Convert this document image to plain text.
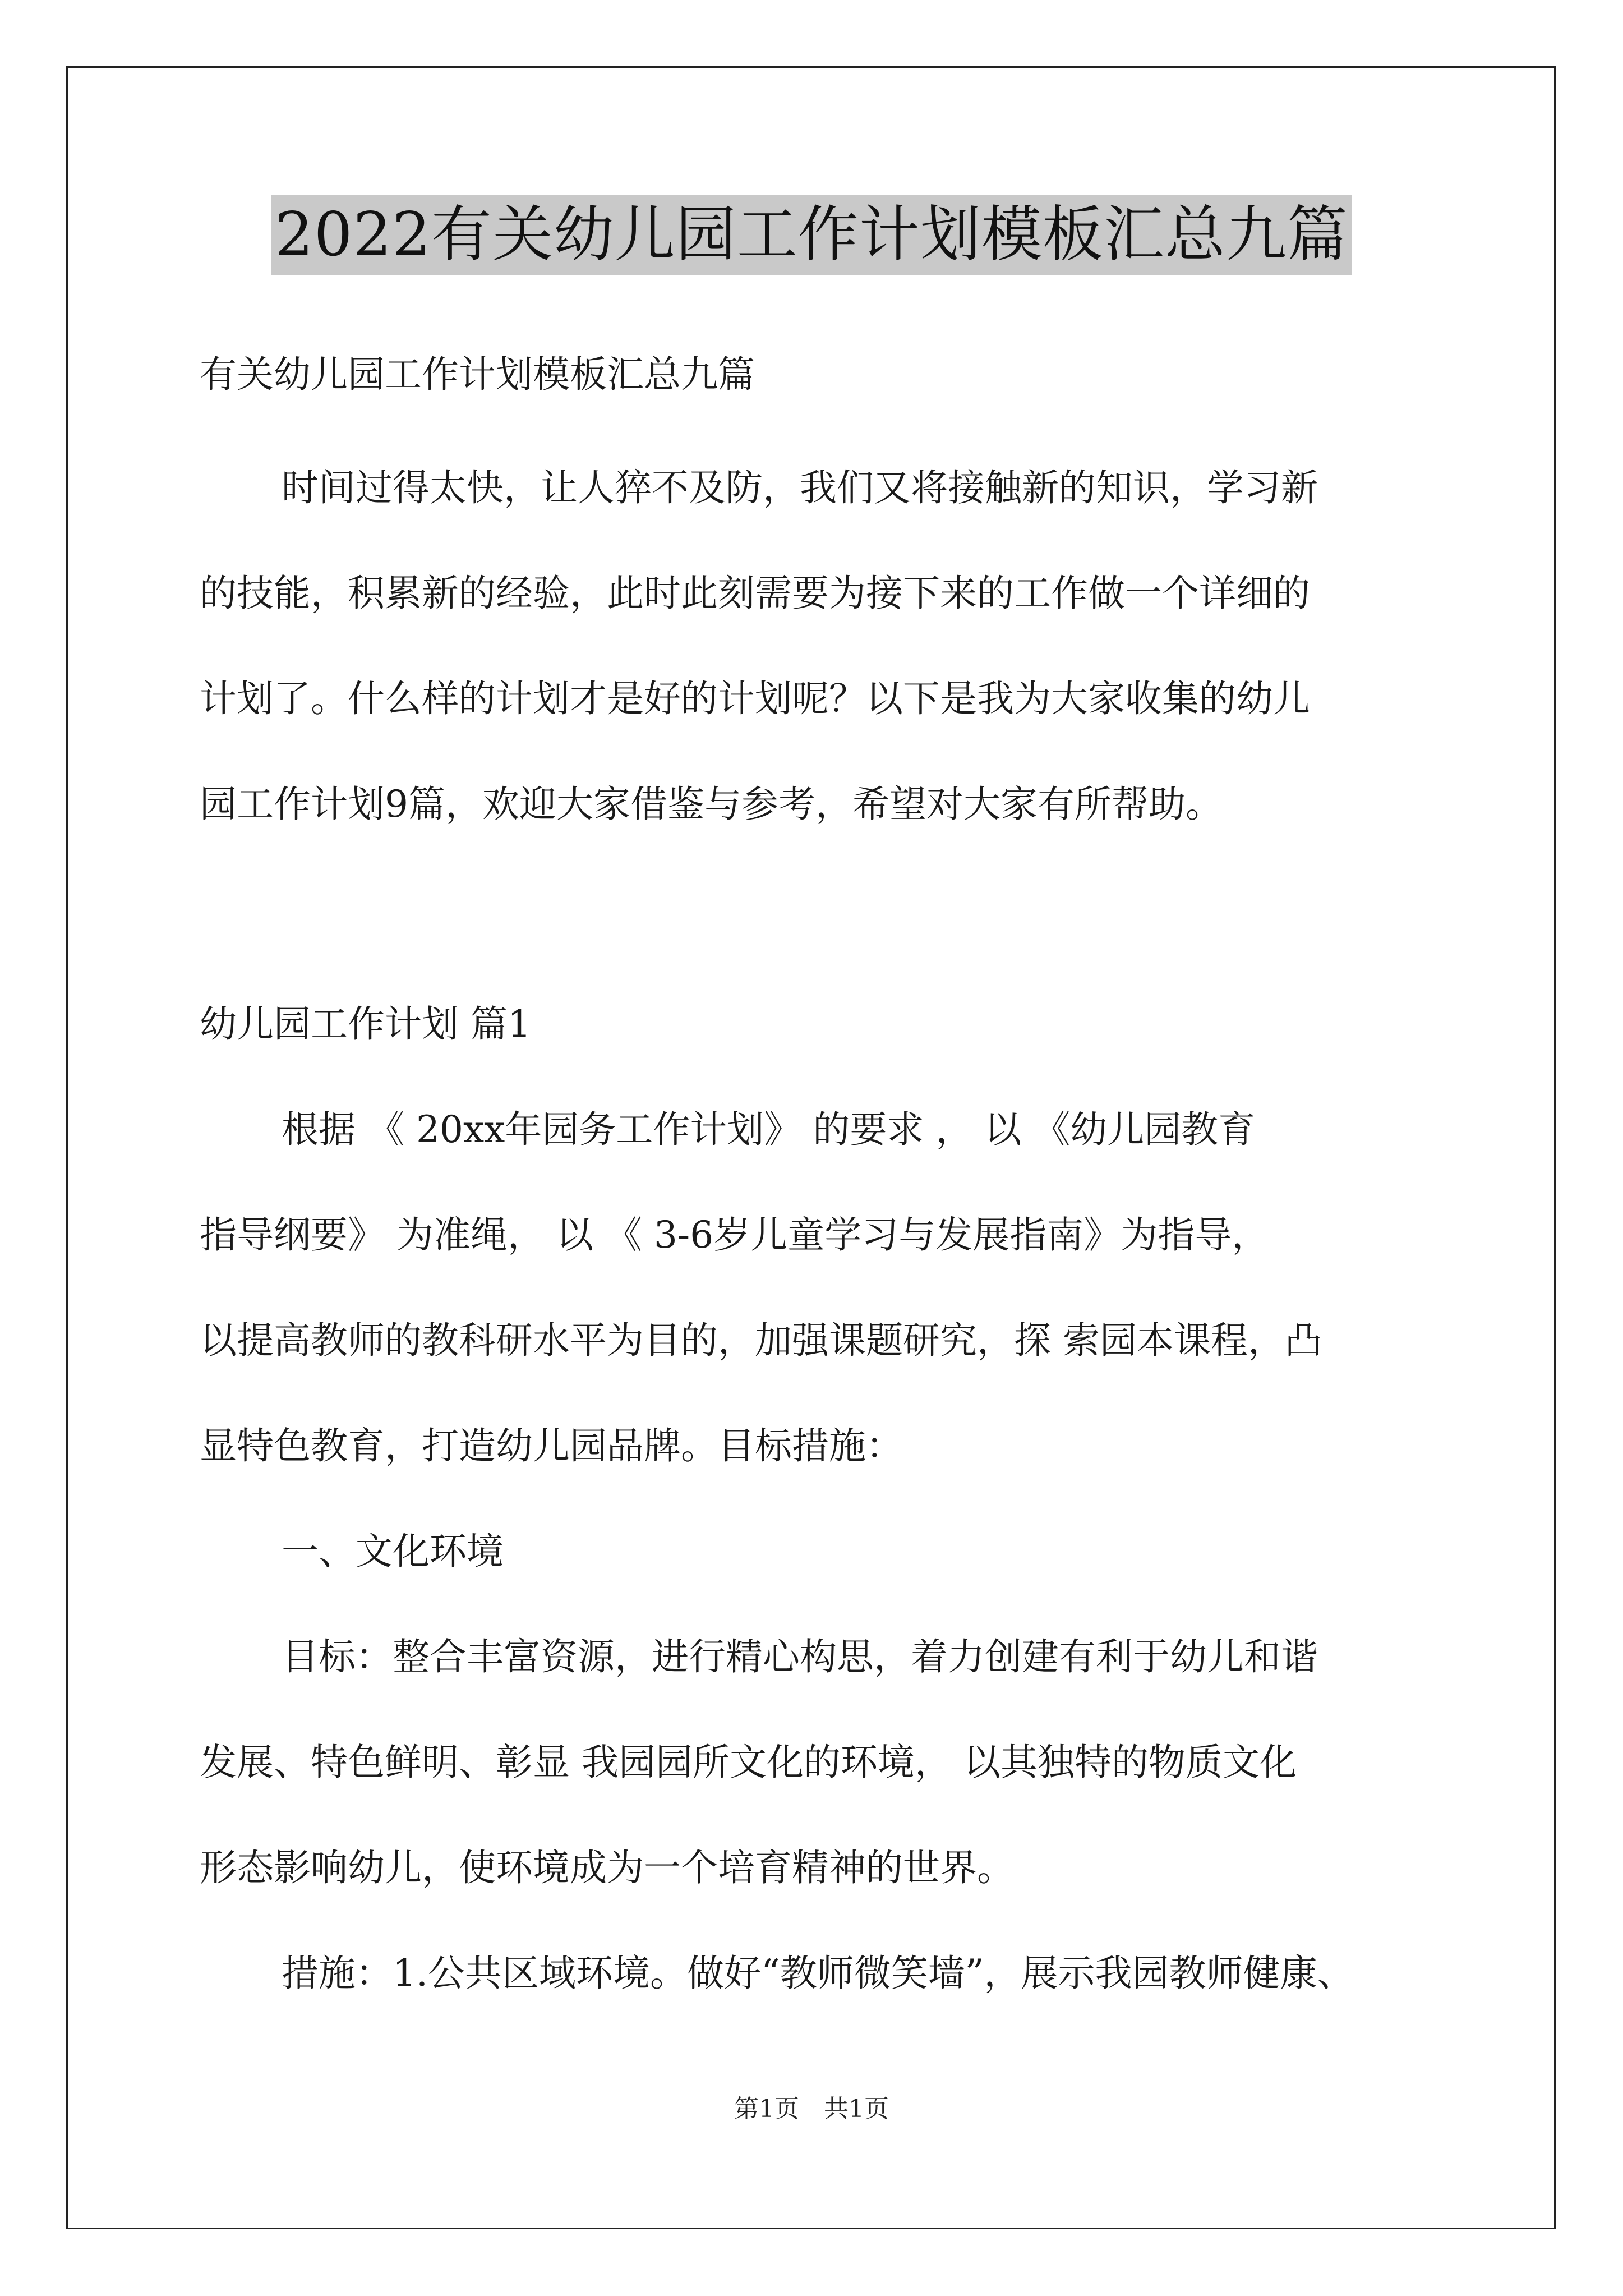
2022有关幼儿园工作计划模板汇总九篇
有关幼儿园工作计划模板汇总九篇
时间过得太快，让人猝不及防，我们又将接触新的知识，学习新
的技能，积累新的经验，此时此刻需要为接下来的工作做一个详细的
计划了。什么样的计划才是好的计划呢？以下是我为大家收集的幼儿
园工作计划9篇，欢迎大家借鉴与参考，希望对大家有所帮助。
幼儿园工作计划 篇1
根据 《 20xx年园务工作计划》 的要求 ， 以 《幼儿园教育
指导纲要》 为准绳， 以 《 3-6岁儿童学习与发展指南》为指导，
以提高教师的教科研水平为目的，加强课题研究，探 索园本课程，凸
显特色教育，打造幼儿园品牌。目标措施：
一、文化环境
目标：整合丰富资源，进行精心构思，着力创建有利于幼儿和谐
发展、特色鲜明、彰显 我园园所文化的环境， 以其独特的物质文化
形态影响幼儿，使环境成为一个培育精神的世界。
措施：1.公共区域环境。做好“教师微笑墙”，展示我园教师健康、
第1页　共1页
